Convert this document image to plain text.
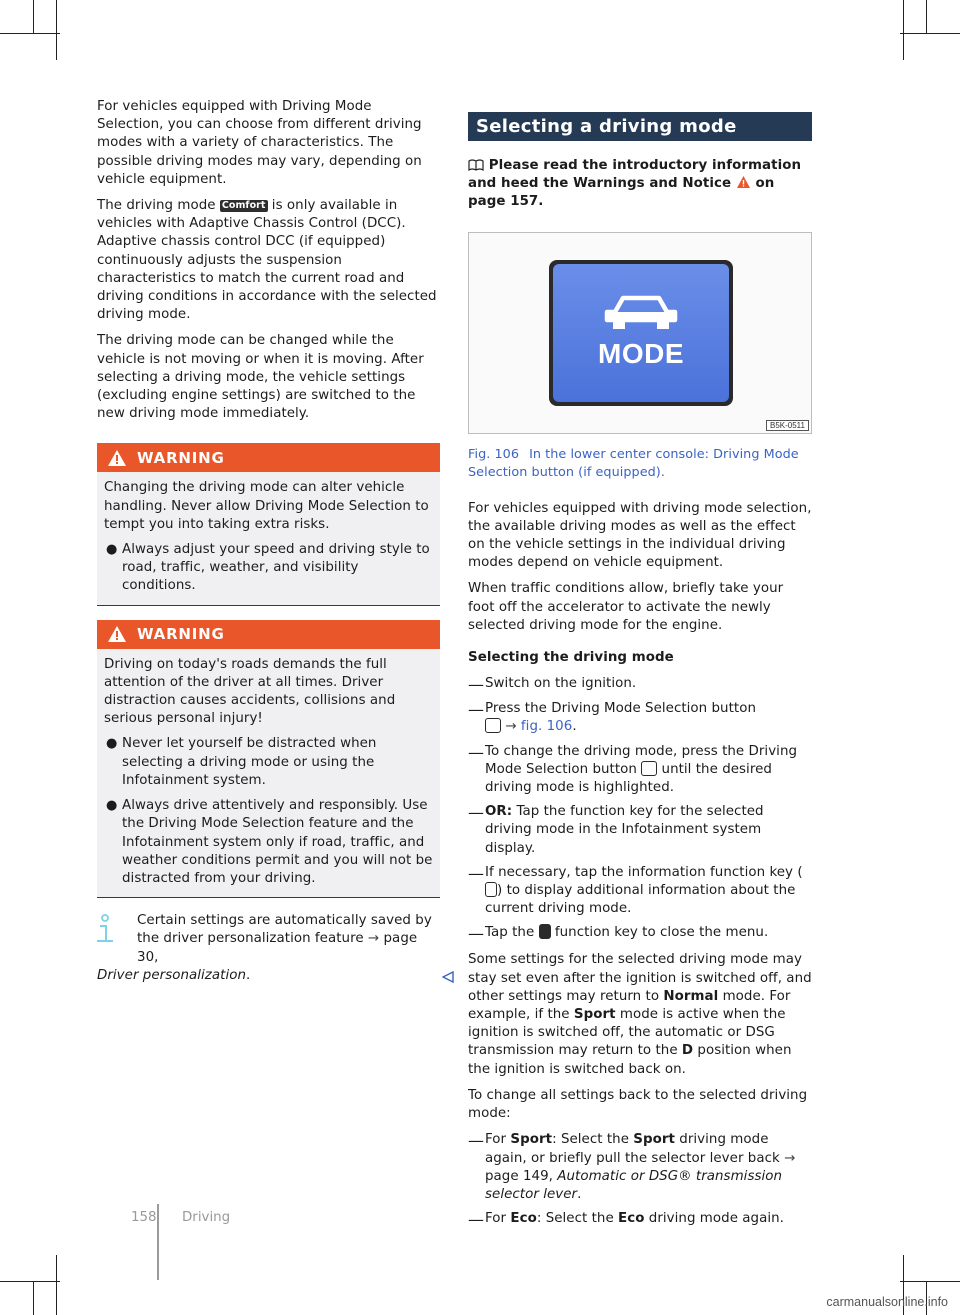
For vehicles equipped with Driving Mode Selection, you can choose from different driving modes with a variety of characteristics. The possible driving modes may vary, depending on vehicle equipment.

The driving mode Comfort is only available in vehicles with Adaptive Chassis Control (DCC). Adaptive chassis control DCC (if equipped) continuously adjusts the suspension characteristics to match the current road and driving conditions in accordance with the selected driving mode.

The driving mode can be changed while the vehicle is not moving or when it is moving. After selecting a driving mode, the vehicle settings (excluding engine settings) are switched to the new driving mode immediately.

WARNING

Changing the driving mode can alter vehicle handling. Never allow Driving Mode Selection to tempt you into taking extra risks.

● Always adjust your speed and driving style to road, traffic, weather, and visibility conditions.

WARNING

Driving on today's roads demands the full attention of the driver at all times. Driver distraction causes accidents, collisions and serious personal injury!

● Never let yourself be distracted when selecting a driving mode or using the Infotainment system.

● Always drive attentively and responsibly. Use the Driving Mode Selection feature and the Infotainment system only if road, traffic, and weather conditions permit and you will not be distracted from your driving.

Certain settings are automatically saved by the driver personalization feature → page 30,
Driver personalization.

Selecting a driving mode

Please read the introductory information and heed the Warnings and Notice  on page 157.

MODE
B5K-0511

Fig. 106 In the lower center console: Driving Mode Selection button (if equipped).

For vehicles equipped with driving mode selection, the available driving modes as well as the effect on the vehicle settings in the individual driving modes depend on vehicle equipment.

When traffic conditions allow, briefly take your foot off the accelerator to activate the newly selected driving mode for the engine.

Selecting the driving mode

— Switch on the ignition.

— Press the Driving Mode Selection button
→ fig. 106.

— To change the driving mode, press the Driving Mode Selection button  until the desired driving mode is highlighted.

— OR: Tap the function key for the selected driving mode in the Infotainment system display.

— If necessary, tap the information function key () to display additional information about the current driving mode.

— Tap the  function key to close the menu.

Some settings for the selected driving mode may stay set even after the ignition is switched off, and other settings may return to Normal mode. For example, if the Sport mode is active when the ignition is switched off, the automatic or DSG transmission may return to the D position when the ignition is switched back on.

To change all settings back to the selected driving mode:

— For Sport: Select the Sport driving mode again, or briefly pull the selector lever back → page 149, Automatic or DSG® transmission selector lever.

— For Eco: Select the Eco driving mode again.

158 Driving
carmanualsonline.info
